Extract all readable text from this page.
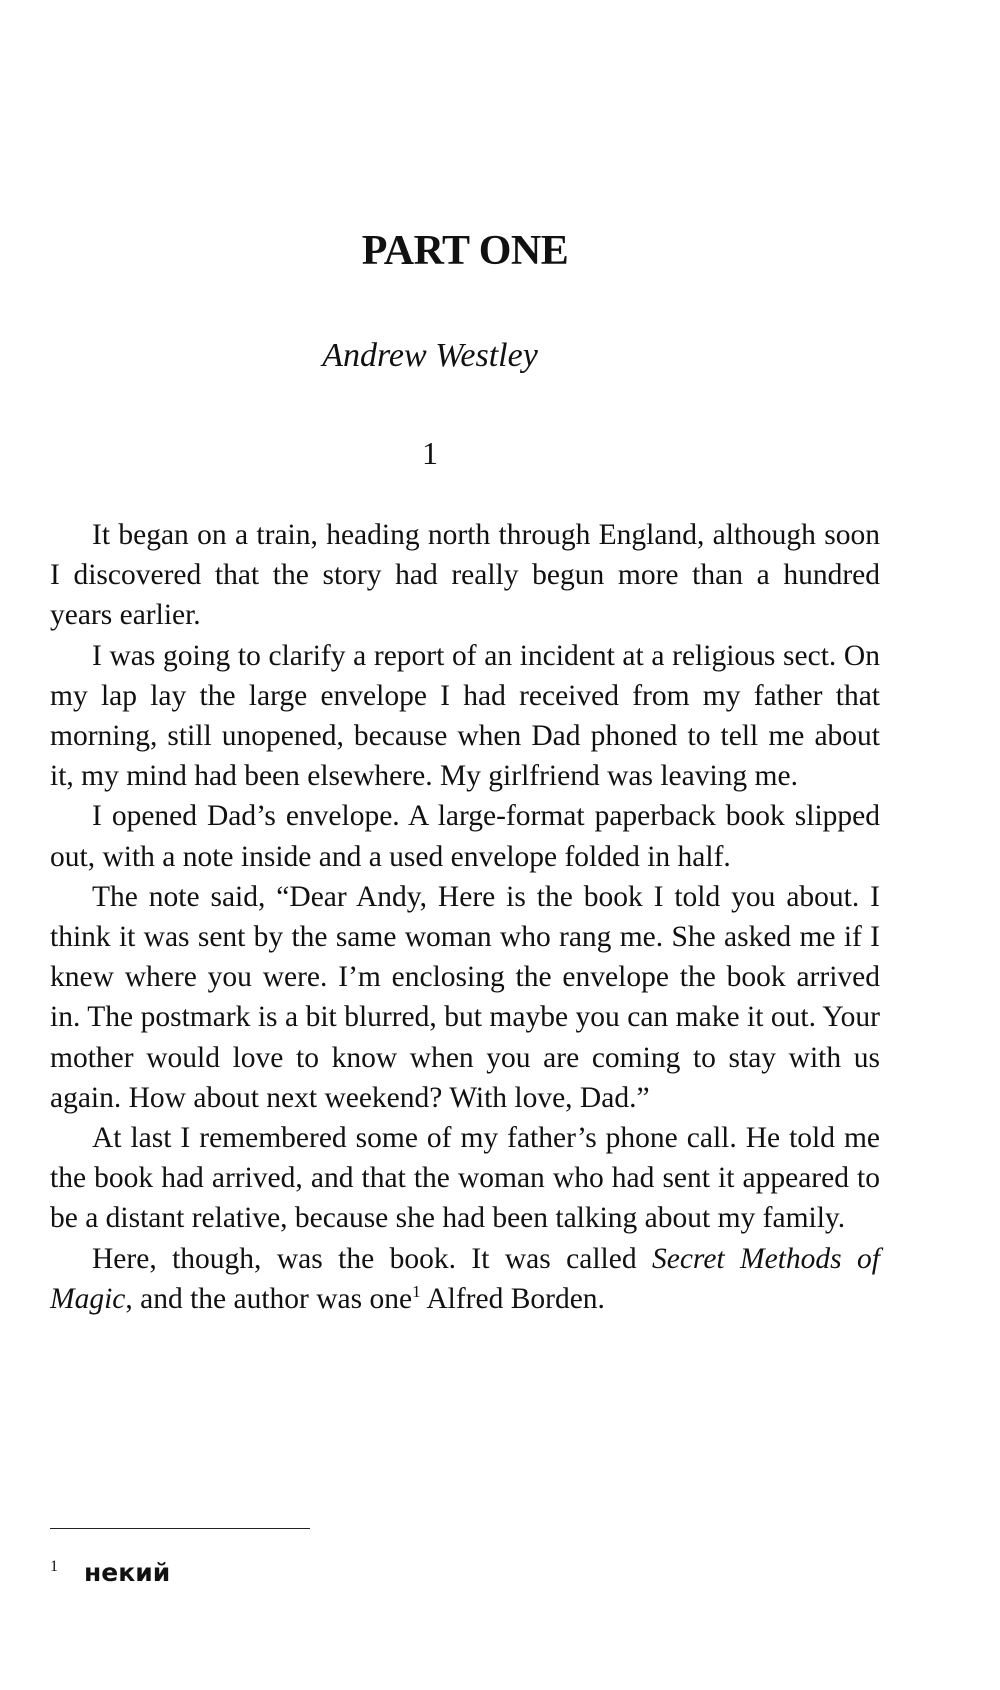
PART ONE
Andrew Westley
1

It began on a train, heading north through England, although soon I discovered that the story had really begun more than a hundred years earlier.

I was going to clarify a report of an incident at a religious sect. On my lap lay the large envelope I had received from my father that morning, still unopened, because when Dad phoned to tell me about it, my mind had been elsewhere. My girlfriend was leaving me.

I opened Dad’s envelope. A large-format paperback book slipped out, with a note inside and a used envelope folded in half.

The note said, “Dear Andy, Here is the book I told you about. I think it was sent by the same woman who rang me. She asked me if I knew where you were. I’m enclosing the envelope the book arrived in. The postmark is a bit blurred, but maybe you can make it out. Your mother would love to know when you are coming to stay with us again. How about next weekend? With love, Dad.”

At last I remembered some of my father’s phone call. He told me the book had arrived, and that the woman who had sent it appeared to be a distant relative, because she had been talking about my family.

Here, though, was the book. It was called Secret Methods of Magic, and the author was one$^1$ Alfred Borden.

$^1$ некий
